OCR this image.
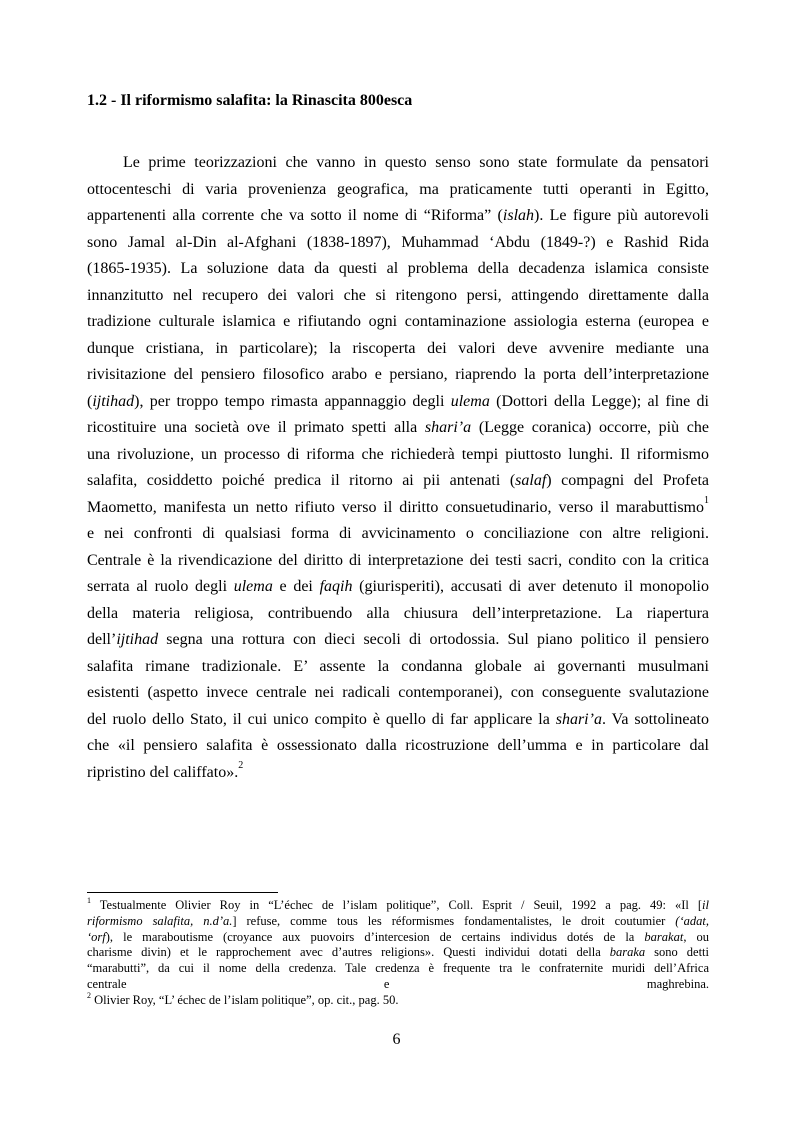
1.2 - Il riformismo salafita: la Rinascita 800esca
Le prime teorizzazioni che vanno in questo senso sono state formulate da pensatori
ottocenteschi di varia provenienza geografica, ma praticamente tutti operanti in Egitto,
appartenenti alla corrente che va sotto il nome di “Riforma” (islah). Le figure più autorevoli
sono Jamal al-Din al-Afghani (1838-1897), Muhammad ‘Abdu (1849-?) e Rashid Rida
(1865-1935). La soluzione data da questi al problema della decadenza islamica consiste
innanzitutto nel recupero dei valori che si ritengono persi, attingendo direttamente dalla
tradizione culturale islamica e rifiutando ogni contaminazione assiologia esterna (europea e
dunque cristiana, in particolare); la riscoperta dei valori deve avvenire mediante una
rivisitazione del pensiero filosofico arabo e persiano, riaprendo la porta dell’interpretazione
(ijtihad), per troppo tempo rimasta appannaggio degli ulema (Dottori della Legge); al fine di
ricostituire una società ove il primato spetti alla shari’a (Legge coranica) occorre, più che
una rivoluzione, un processo di riforma che richiederà tempi piuttosto lunghi. Il riformismo
salafita, cosiddetto poiché predica il ritorno ai pii antenati (salaf) compagni del Profeta
Maometto, manifesta un netto rifiuto verso il diritto consuetudinario, verso il marabuttismo$^1$
e nei confronti di qualsiasi forma di avvicinamento o conciliazione con altre religioni.
Centrale è la rivendicazione del diritto di interpretazione dei testi sacri, condito con la critica
serrata al ruolo degli ulema e dei faqih (giurisperiti), accusati di aver detenuto il monopolio
della materia religiosa, contribuendo alla chiusura dell’interpretazione. La riapertura
dell’ijtihad segna una rottura con dieci secoli di ortodossia. Sul piano politico il pensiero
salafita rimane tradizionale. E’ assente la condanna globale ai governanti musulmani
esistenti (aspetto invece centrale nei radicali contemporanei), con conseguente svalutazione
del ruolo dello Stato, il cui unico compito è quello di far applicare la shari’a. Va sottolineato
che «il pensiero salafita è ossessionato dalla ricostruzione dell’umma e in particolare dal
ripristino del califfato».$^2$
$^1$ Testualmente Olivier Roy in “L’échec de l’islam politique”, Coll. Esprit / Seuil, 1992 a pag. 49: «Il [il
riformismo salafita, n.d’a.] refuse, comme tous les réformismes fondamentalistes, le droit coutumier (‘adat,
‘orf), le maraboutisme (croyance aux puovoirs d’intercesion de certains individus dotés de la barakat, ou
charisme divin) et le rapprochement avec d’autres religions». Questi individui dotati della baraka sono detti
“marabutti”, da cui il nome della credenza. Tale credenza è frequente tra le confraternite muridi dell’Africa
centrale e maghrebina.
$^2$ Olivier Roy, “L’ échec de l’islam politique”, op. cit., pag. 50.
6
